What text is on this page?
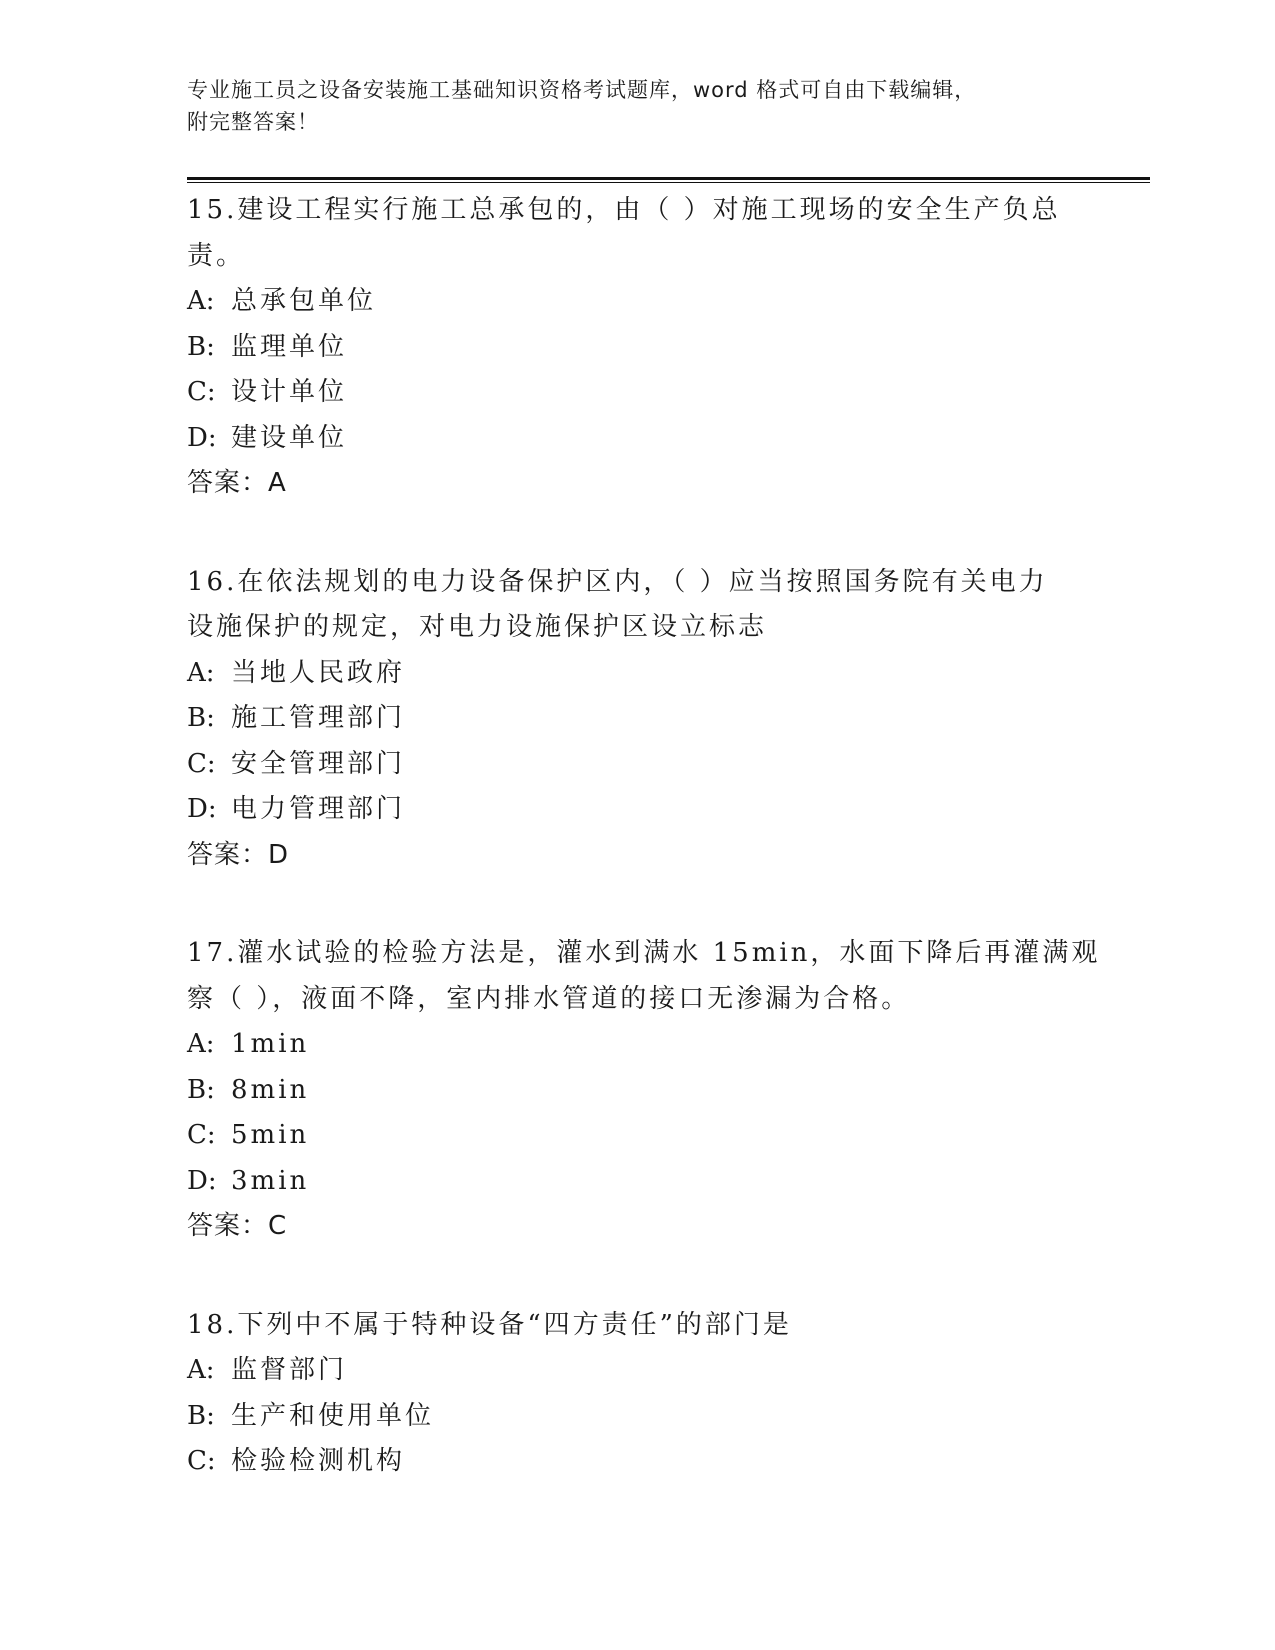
专业施工员之设备安装施工基础知识资格考试题库，word 格式可自由下载编辑，
附完整答案！
15.建设工程实行施工总承包的，由（ ）对施工现场的安全生产负总
责。
A: 总承包单位
B: 监理单位
C: 设计单位
D: 建设单位
答案：A
16.在依法规划的电力设备保护区内，（ ）应当按照国务院有关电力
设施保护的规定，对电力设施保护区设立标志
A: 当地人民政府
B: 施工管理部门
C: 安全管理部门
D: 电力管理部门
答案：D
17.灌水试验的检验方法是，灌水到满水 15min，水面下降后再灌满观
察（ ），液面不降，室内排水管道的接口无渗漏为合格。
A: 1min
B: 8min
C: 5min
D: 3min
答案：C
18.下列中不属于特种设备“四方责任”的部门是
A: 监督部门
B: 生产和使用单位
C: 检验检测机构
